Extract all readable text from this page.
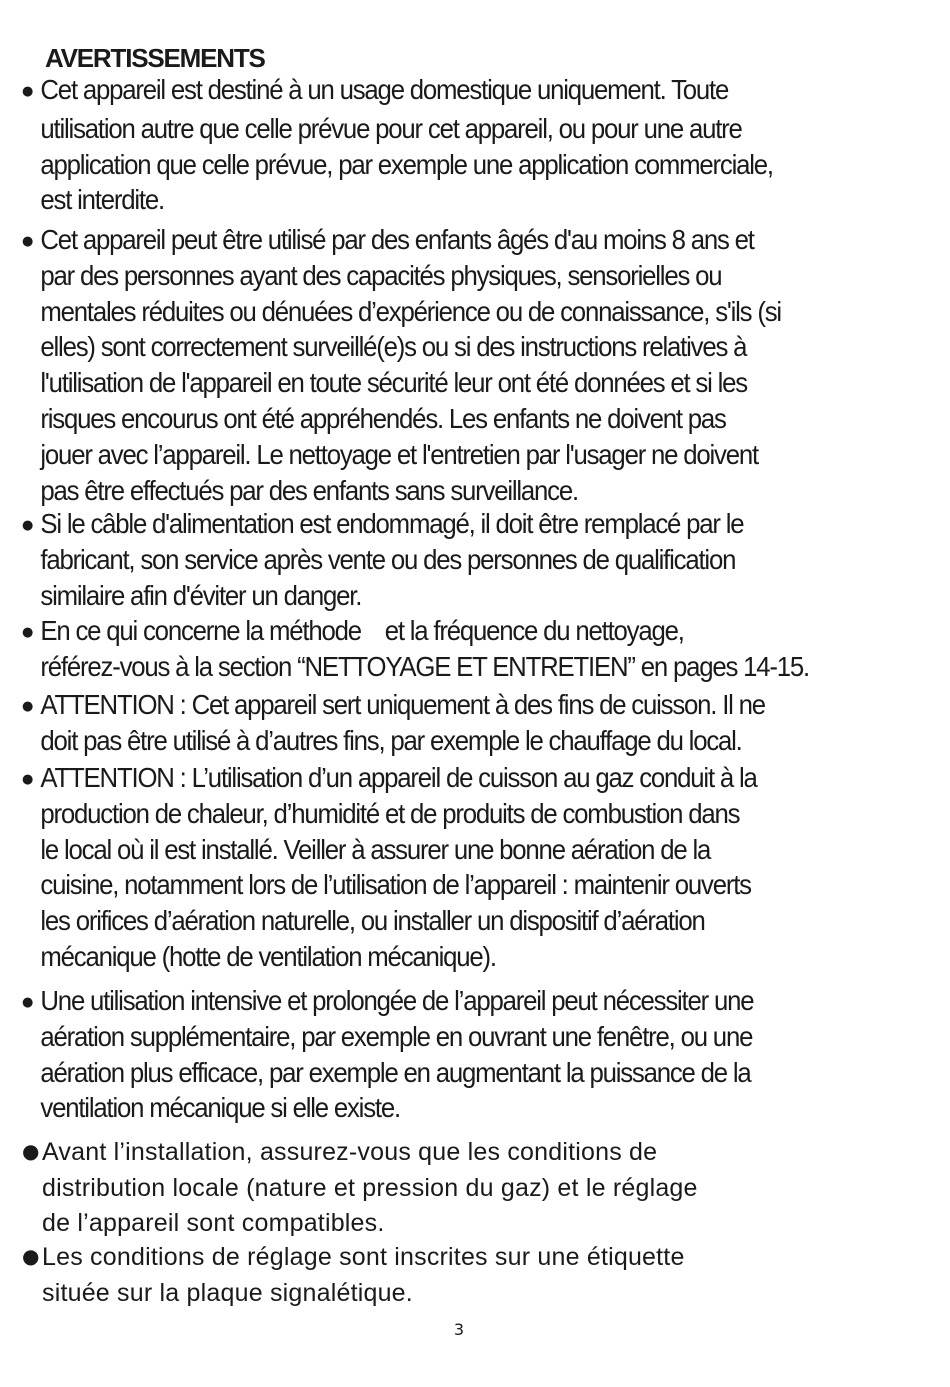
AVERTISSEMENTS
● Cet appareil est destiné à un usage domestique uniquement. Toute
utilisation autre que celle prévue pour cet appareil, ou pour une autre
application que celle prévue, par exemple une application commerciale,
est interdite.
● Cet appareil peut être utilisé par des enfants âgés d'au moins 8 ans et
par des personnes ayant des capacités physiques, sensorielles ou
mentales réduites ou dénuées d’expérience ou de connaissance, s'ils (si
elles) sont correctement surveillé(e)s ou si des instructions relatives à
l'utilisation de l'appareil en toute sécurité leur ont été données et si les
risques encourus ont été appréhendés. Les enfants ne doivent pas
jouer avec l’appareil. Le nettoyage et l'entretien par l'usager ne doivent
pas être effectués par des enfants sans surveillance.
● Si le câble d'alimentation est endommagé, il doit être remplacé par le
fabricant, son service après vente ou des personnes de qualification
similaire afin d'éviter un danger.
● En ce qui concerne la méthode    et la fréquence du nettoyage,
référez-vous à la section “NETTOYAGE ET ENTRETIEN” en pages 14-15.
● ATTENTION : Cet appareil sert uniquement à des fins de cuisson. Il ne
doit pas être utilisé à d’autres fins, par exemple le chauffage du local.
● ATTENTION : L’utilisation d’un appareil de cuisson au gaz conduit à la
production de chaleur, d’humidité et de produits de combustion dans
le local où il est installé. Veiller à assurer une bonne aération de la
cuisine, notamment lors de l’utilisation de l’appareil : maintenir ouverts
les orifices d’aération naturelle, ou installer un dispositif d’aération
mécanique (hotte de ventilation mécanique).
● Une utilisation intensive et prolongée de l’appareil peut nécessiter une
aération supplémentaire, par exemple en ouvrant une fenêtre, ou une
aération plus efficace, par exemple en augmentant la puissance de la
ventilation mécanique si elle existe.
● Avant l’installation, assurez-vous que les conditions de
distribution locale (nature et pression du gaz) et le réglage
de l’appareil sont compatibles.
● Les conditions de réglage sont inscrites sur une étiquette
située sur la plaque signalétique.
3
